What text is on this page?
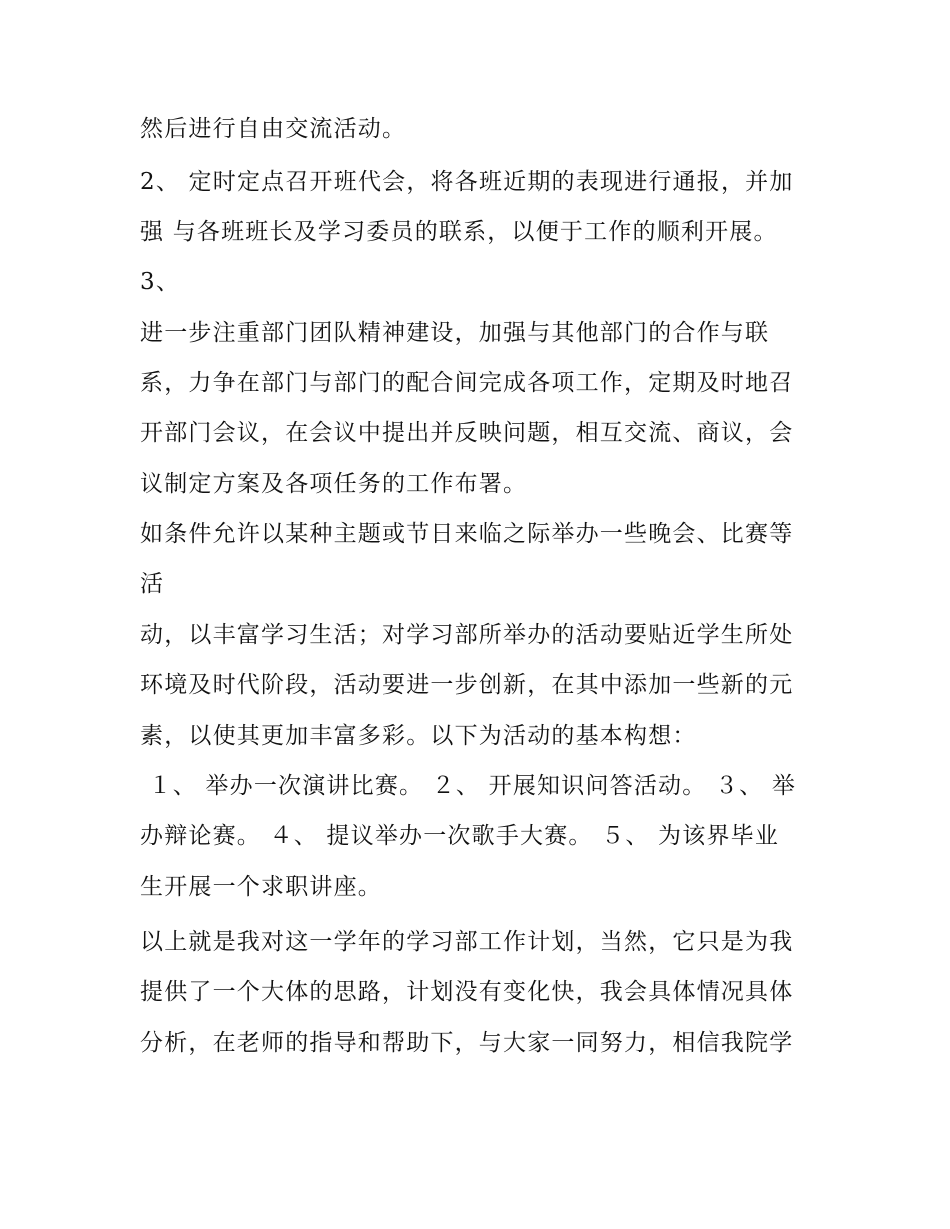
然后进行自由交流活动。
2、 定时定点召开班代会，将各班近期的表现进行通报，并加
强 与各班班长及学习委员的联系，以便于工作的顺利开展。
3、
进一步注重部门团队精神建设，加强与其他部门的合作与联
系，力争在部门与部门的配合间完成各项工作，定期及时地召
开部门会议，在会议中提出并反映问题，相互交流、商议，会
议制定方案及各项任务的工作布署。
如条件允许以某种主题或节日来临之际举办一些晚会、比赛等
活
动，以丰富学习生活；对学习部所举办的活动要贴近学生所处
环境及时代阶段，活动要进一步创新，在其中添加一些新的元
素，以使其更加丰富多彩。以下为活动的基本构想：
１、 举办一次演讲比赛。 ２、 开展知识问答活动。 ３、 举
办辩论赛。 ４、 提议举办一次歌手大赛。 ５、 为该界毕业
生开展一个求职讲座。
以上就是我对这一学年的学习部工作计划，当然，它只是为我
提供了一个大体的思路，计划没有变化快，我会具体情况具体
分析，在老师的指导和帮助下，与大家一同努力，相信我院学
